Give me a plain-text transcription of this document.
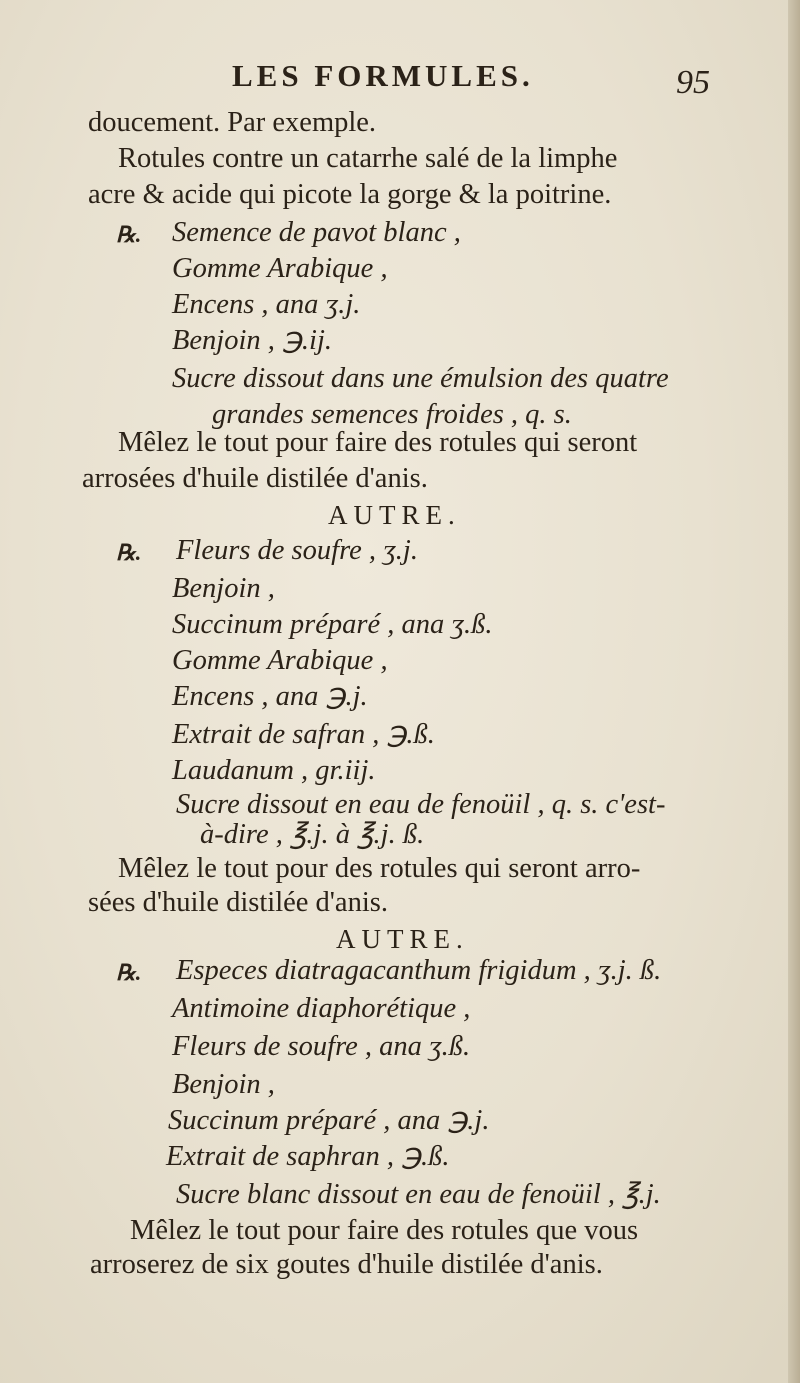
LES FORMULES.	95
doucement. Par exemple.
Rotules contre un catarrhe salé de la limphe
acre & acide qui picote la gorge & la poitrine.
Semence de pavot blanc ,
℞.
Gomme Arabique ,
Encens , ana ʒ.j.
Benjoin , ℈.ij.
Sucre dissout dans une émulsion des quatre
grandes semences froides , q. s.
Mêlez le tout pour faire des rotules qui seront
arrosées d'huile distilée d'anis.
AUTRE.
Fleurs de soufre , ʒ.j.
℞.
Benjoin ,
Succinum préparé , ana ʒ.ß.
Gomme Arabique ,
Encens , ana ℈.j.
Extrait de safran , ℈.ß.
Laudanum , gr.iij.
Sucre dissout en eau de fenoüil , q. s. c'est-
à-dire , ℥.j. à ℥.j. ß.
Mêlez le tout pour des rotules qui seront arro-
sées d'huile distilée d'anis.
AUTRE.
Especes diatragacanthum frigidum , ʒ.j. ß.
℞.
Antimoine diaphorétique ,
Fleurs de soufre , ana ʒ.ß.
Benjoin ,
Succinum préparé , ana ℈.j.
Extrait de saphran , ℈.ß.
Sucre blanc dissout en eau de fenoüil , ℥.j.
Mêlez le tout pour faire des rotules que vous
arroserez de six goutes d'huile distilée d'anis.
